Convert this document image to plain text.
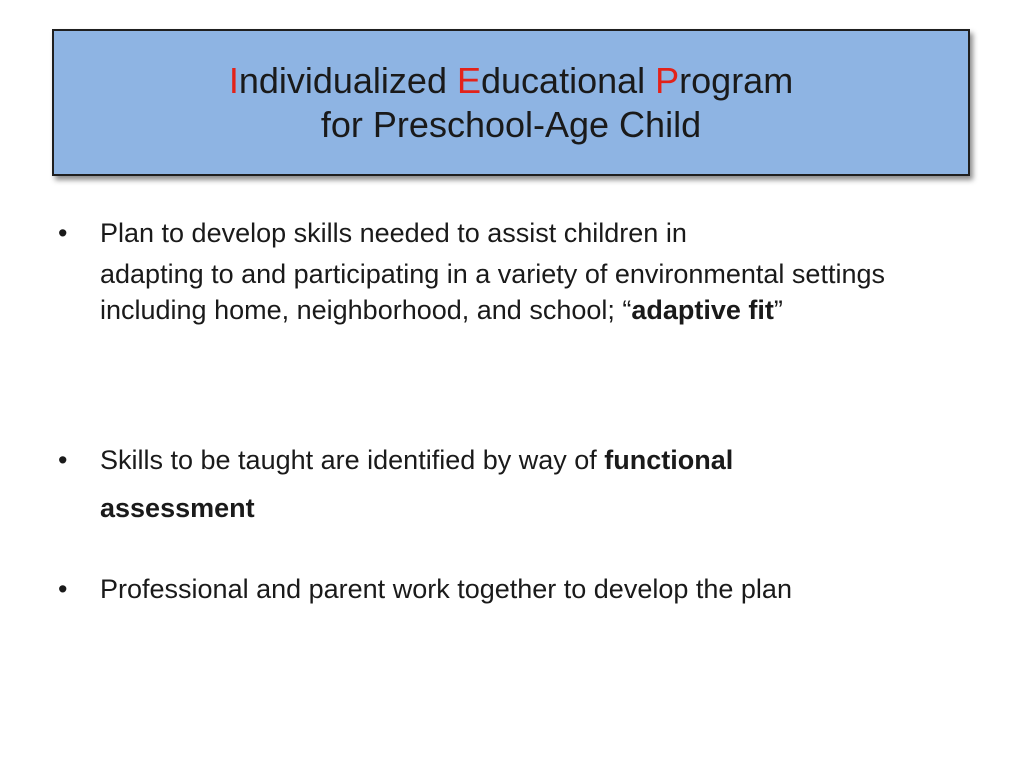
Individualized Educational Program
for Preschool-Age Child
• Plan to develop skills needed to assist children in
adapting to and participating in a variety of environmental settings including home, neighborhood, and school; “adaptive fit”
• Skills to be taught are identified by way of functional
assessment
• Professional and parent work together to develop the plan
